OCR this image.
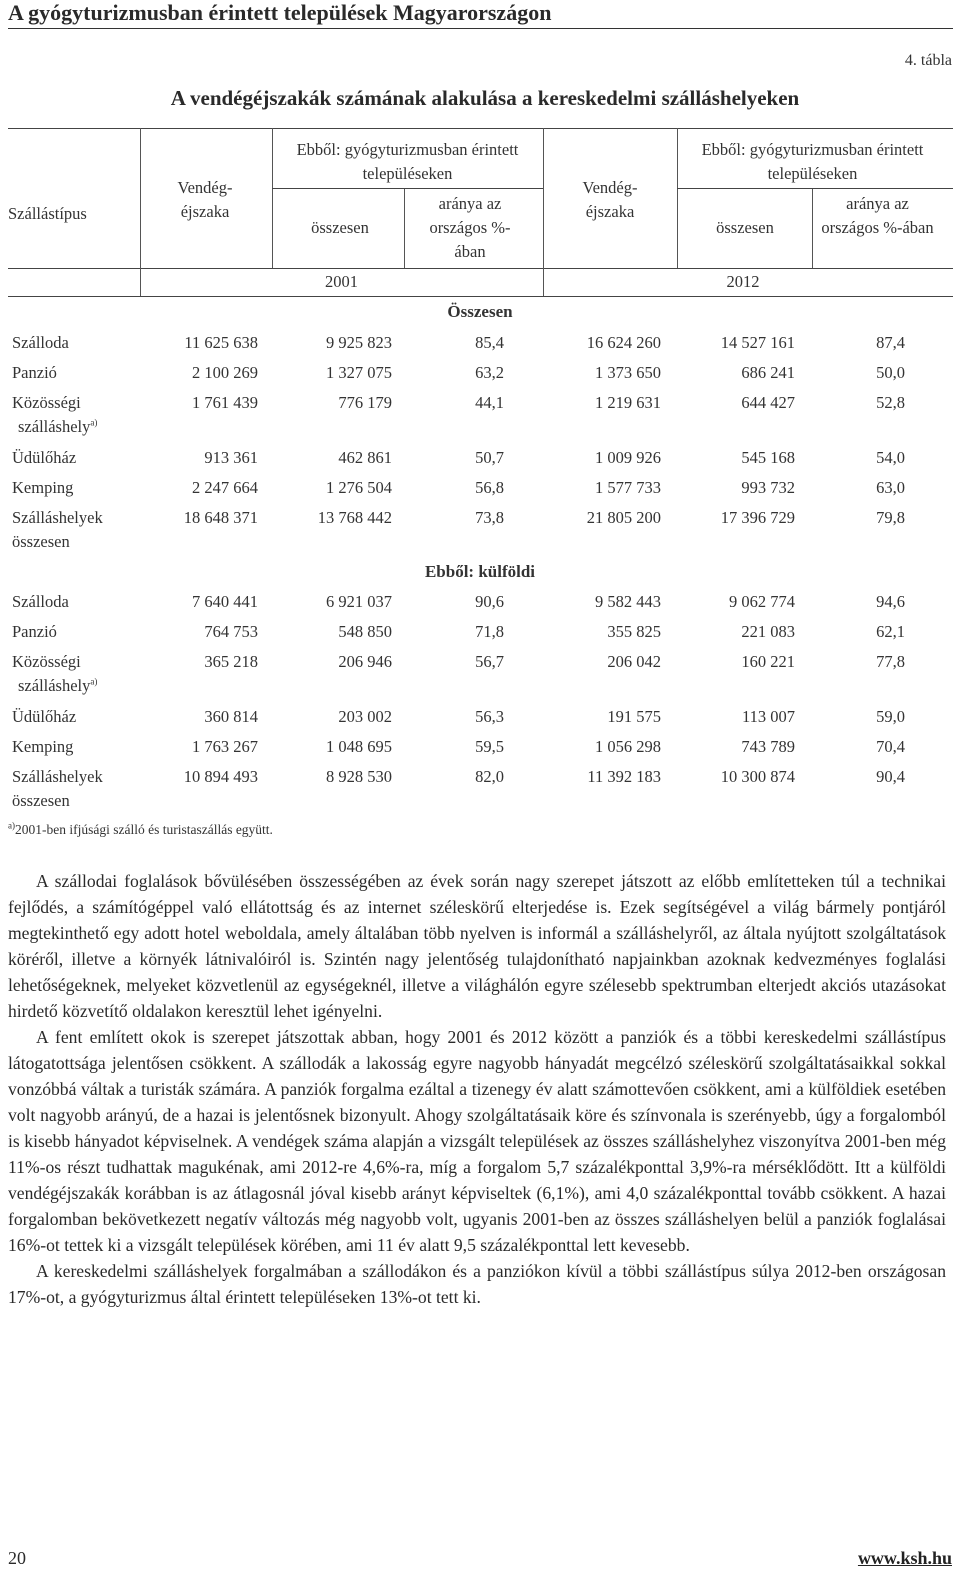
A gyógyturizmusban érintett települések Magyarországon
4. tábla
A vendégéjszakák számának alakulása a kereskedelmi szálláshelyeken
Szállástípus
Vendég-éjszaka
Ebből: gyógyturizmusban érintett településeken
összesen
aránya az országos %-ában
Vendég-éjszaka
Ebből: gyógyturizmusban érintett településeken
összesen
aránya az országos %-ában
2001	2012
Összesen
Szálloda	11 625 638	9 925 823	85,4	16 624 260	14 527 161	87,4
Panzió	2 100 269	1 327 075	63,2	1 373 650	686 241	50,0
Közösségi
szálláshely$^{a)}$
1 761 439	776 179	44,1	1 219 631	644 427	52,8
Üdülőház	913 361	462 861	50,7	1 009 926	545 168	54,0
Kemping	2 247 664	1 276 504	56,8	1 577 733	993 732	63,0
Szálláshelyek
összesen
18 648 371	13 768 442	73,8	21 805 200	17 396 729	79,8
Ebből: külföldi
Szálloda	7 640 441	6 921 037	90,6	9 582 443	9 062 774	94,6
Panzió	764 753	548 850	71,8	355 825	221 083	62,1
Közösségi
szálláshely$^{a)}$
365 218	206 946	56,7	206 042	160 221	77,8
Üdülőház	360 814	203 002	56,3	191 575	113 007	59,0
Kemping	1 763 267	1 048 695	59,5	1 056 298	743 789	70,4
Szálláshelyek
összesen
10 894 493	8 928 530	82,0	11 392 183	10 300 874	90,4
$^{a)}$2001-ben ifjúsági szálló és turistaszállás együtt.

A szállodai foglalások bővülésében összességében az évek során nagy szerepet játszott az előbb említetteken túl a technikai fejlődés, a számítógéppel való ellátottság és az internet széleskörű elterjedése is. Ezek segítségével a világ bármely pontjáról megtekinthető egy adott hotel weboldala, amely általában több nyelven is informál a szálláshelyről, az általa nyújtott szolgáltatások köréről, illetve a környék látnivalóiról is. Szintén nagy jelentőség tulajdonítható napjainkban azoknak kedvezményes foglalási lehetőségeknek, melyeket közvetlenül az egységeknél, illetve a világhálón egyre szélesebb spektrumban elterjedt akciós utazásokat hirdető közvetítő oldalakon keresztül lehet igényelni.

A fent említett okok is szerepet játszottak abban, hogy 2001 és 2012 között a panziók és a többi kereskedelmi szállástípus látogatottsága jelentősen csökkent. A szállodák a lakosság egyre nagyobb hányadát megcélzó széleskörű szolgáltatásaikkal sokkal vonzóbbá váltak a turisták számára. A panziók forgalma ezáltal a tizenegy év alatt számottevően csökkent, ami a külföldiek esetében volt nagyobb arányú, de a hazai is jelentősnek bizonyult. Ahogy szolgáltatásaik köre és színvonala is szerényebb, úgy a forgalomból is kisebb hányadot képviselnek. A vendégek száma alapján a vizsgált települések az összes szálláshelyhez viszonyítva 2001-ben még 11%-os részt tudhattak magukénak, ami 2012-re 4,6%-ra, míg a forgalom 5,7 százalékponttal 3,9%-ra mérséklődött. Itt a külföldi vendégéjszakák korábban is az átlagosnál jóval kisebb arányt képviseltek (6,1%), ami 4,0 százalékponttal tovább csökkent. A hazai forgalomban bekövetkezett negatív változás még nagyobb volt, ugyanis 2001-ben az összes szálláshelyen belül a panziók foglalásai 16%-ot tettek ki a vizsgált települések körében, ami 11 év alatt 9,5 százalékponttal lett kevesebb.

A kereskedelmi szálláshelyek forgalmában a szállodákon és a panziókon kívül a többi szállástípus súlya 2012-ben országosan 17%-ot, a gyógyturizmus által érintett településeken 13%-ot tett ki.

20	www.ksh.hu
